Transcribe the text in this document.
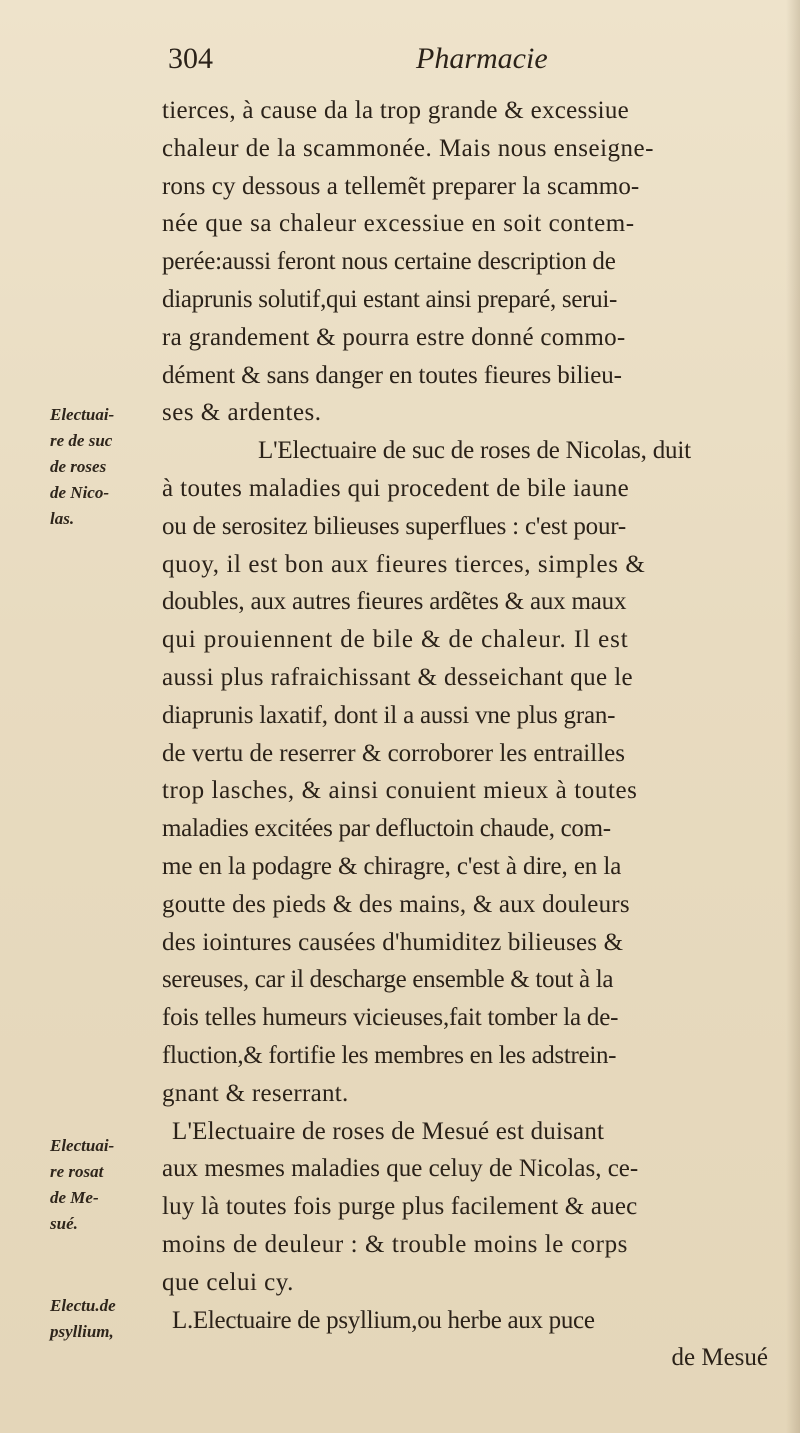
304	Pharmacie
tierces, à cause da la trop grande & excessiue
chaleur de la scammonée. Mais nous enseigne-
rons cy dessous a tellemẽt preparer la scammo-
née que sa chaleur excessiue en soit contem-
perée:aussi feront nous certaine description de
diaprunis solutif,qui estant ainsi preparé, serui-
ra grandement & pourra estre donné commo-
dément & sans danger en toutes fieures bilieu-
ses & ardentes.
L'Electuaire de suc de roses de Nicolas, duit
à toutes maladies qui procedent de bile iaune
ou de serositez bilieuses superflues : c'est pour-
quoy, il est bon aux fieures tierces, simples &
doubles, aux autres fieures ardẽtes & aux maux
qui prouiennent de bile & de chaleur. Il est
aussi plus rafraichissant & desseichant que le
diaprunis laxatif, dont il a aussi vne plus gran-
de vertu de reserrer & corroborer les entrailles
trop lasches, & ainsi conuient mieux à toutes
maladies excitées par defluctoin chaude, com-
me en la podagre & chiragre, c'est à dire, en la
goutte des pieds & des mains, & aux douleurs
des iointures causées d'humiditez bilieuses &
sereuses, car il descharge ensemble & tout à la
fois telles humeurs vicieuses,fait tomber la de-
fluction,& fortifie les membres en les adstrein-
gnant & reserrant.
L'Electuaire de roses de Mesué est duisant
aux mesmes maladies que celuy de Nicolas, ce-
luy là toutes fois purge plus facilement & auec
moins de deuleur : & trouble moins le corps
que celui cy.
L.Electuaire de psyllium,ou herbe aux puce
de Mesué
Electuai-
re de suc
de roses
de Nico-
las.
Electuai-
re rosat
de Me-
sué.
Electu.de
psyllium,
